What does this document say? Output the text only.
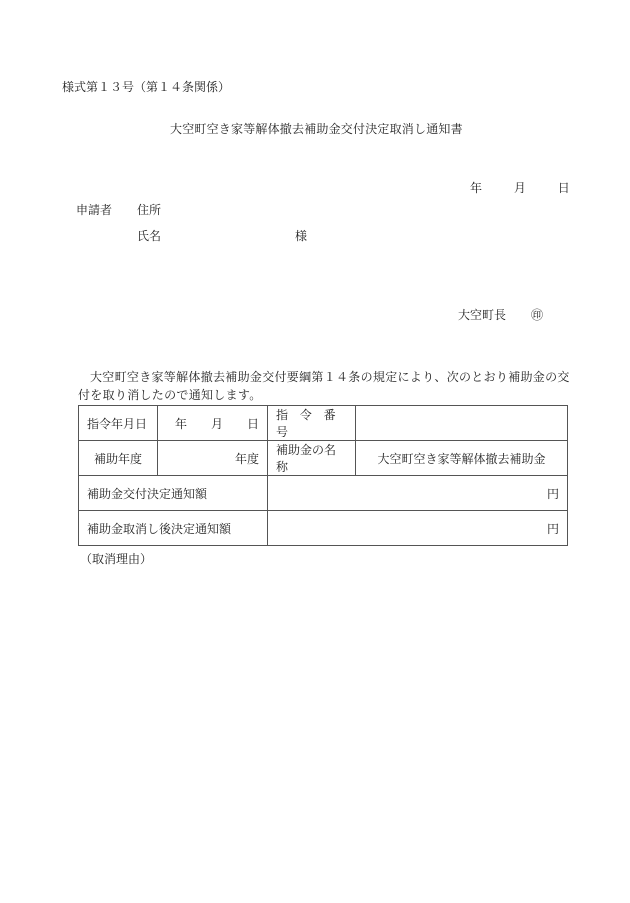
様式第１３号（第１４条関係）
大空町空き家等解体撤去補助金交付決定取消し通知書
年	月	日
申請者 住所
氏名	様
大空町長 ㊞
大空町空き家等解体撤去補助金交付要綱第１４条の規定により、次のとおり補助金の交付を取り消したので通知します。
指令年月日	年　　月　　日	指 令 番 号	
補助年度	年度	補助金の名称	大空町空き家等解体撤去補助金
補助金交付決定通知額		円	
補助金取消し後決定通知額		円	
（取消理由）
